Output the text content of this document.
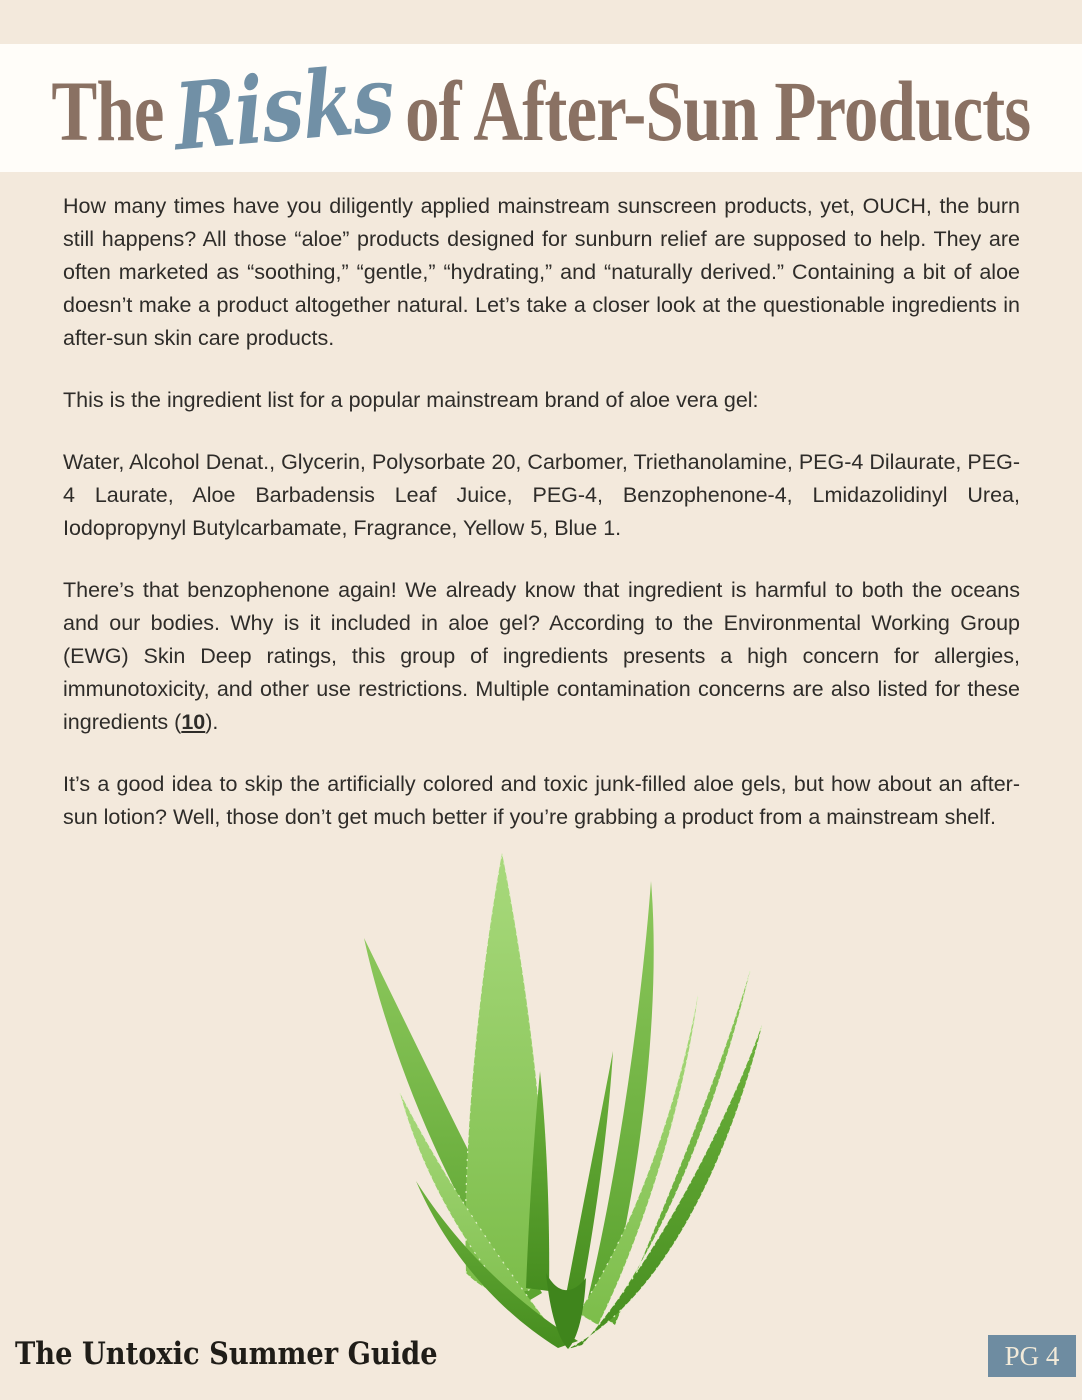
The Risks of After-Sun Products

How many times have you diligently applied mainstream sunscreen products, yet, OUCH, the burn still happens? All those “aloe” products designed for sunburn relief are supposed to help. They are often marketed as “soothing,” “gentle,” “hydrating,” and “naturally derived.” Containing a bit of aloe doesn’t make a product altogether natural. Let’s take a closer look at the questionable ingredients in after-sun skin care products.

This is the ingredient list for a popular mainstream brand of aloe vera gel:

Water, Alcohol Denat., Glycerin, Polysorbate 20, Carbomer, Triethanolamine, PEG-4 Dilaurate, PEG-4 Laurate, Aloe Barbadensis Leaf Juice, PEG-4, Benzophenone-4, Lmidazolidinyl Urea, Iodopropynyl Butylcarbamate, Fragrance, Yellow 5, Blue 1.

There’s that benzophenone again! We already know that ingredient is harmful to both the oceans and our bodies. Why is it included in aloe gel? According to the Environmental Working Group (EWG) Skin Deep ratings, this group of ingredients presents a high concern for allergies, immunotoxicity, and other use restrictions. Multiple contamination concerns are also listed for these ingredients (10).

It’s a good idea to skip the artificially colored and toxic junk-filled aloe gels, but how about an after-sun lotion? Well, those don’t get much better if you’re grabbing a product from a mainstream shelf.

The Untoxic Summer Guide	PG 4
